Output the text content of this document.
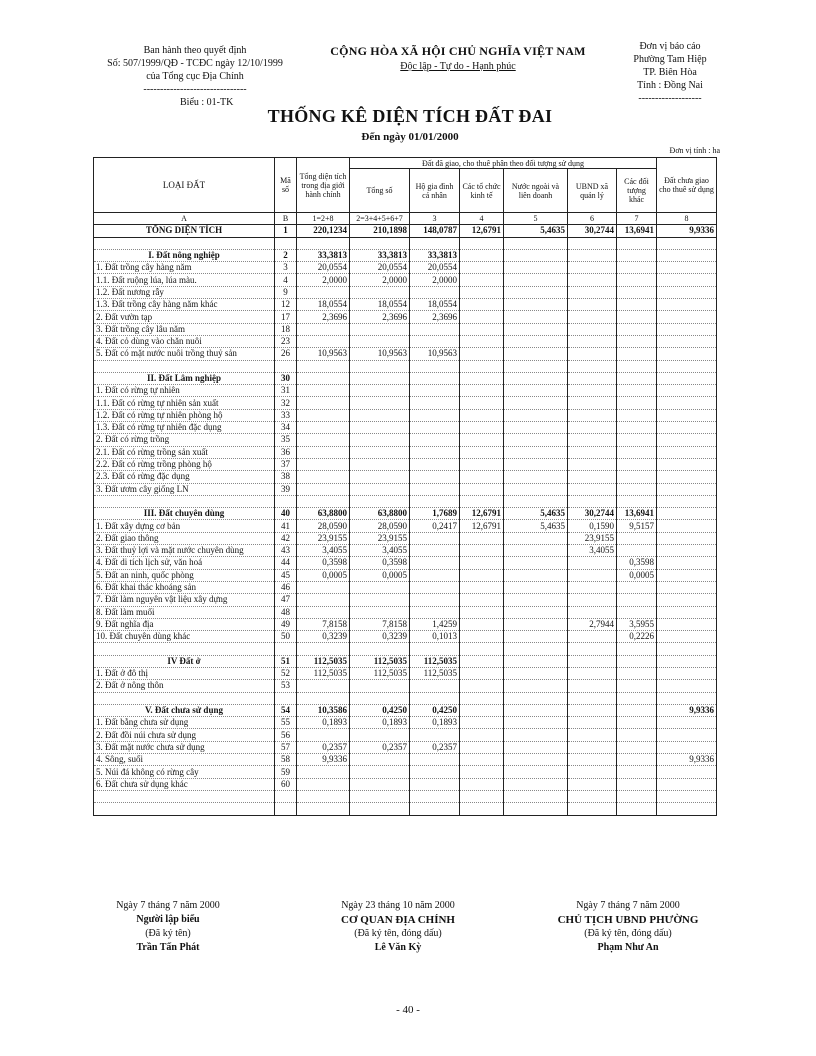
Ban hành theo quyết định
Số: 507/1999/QĐ - TCĐC ngày 12/10/1999
của Tổng cục Địa Chính
-------------------------------
CỘNG HÒA XÃ HỘI CHỦ NGHĨA VIỆT NAM
Độc lập - Tự do - Hạnh phúc
Đơn vị báo cáo
Phường Tam Hiệp
TP. Biên Hòa
Tỉnh : Đồng Nai
-------------------
Biểu : 01-TK
THỐNG KÊ DIỆN TÍCH ĐẤT ĐAI
Đến ngày 01/01/2000
Đơn vị tính : ha
LOẠI ĐẤT	Mã số	Tổng diện tích trong địa giới hành chính	Đất đã giao, cho thuê phân theo đối tượng sử dụng						Đất chưa giao cho thuê sử dụng
			Tổng số	Hộ gia đình cá nhân	Các tổ chức kinh tế	Nước ngoài và liên doanh	UBND xã quản lý	Các đối tượng khác	
A	B	1=2+8	2=3+4+5+6+7	3	4	5	6	7	8
TỔNG DIỆN TÍCH	1	220,1234	210,1898	148,0787	12,6791	5,4635	30,2744	13,6941	9,9336

I. Đất nông nghiệp	2	33,3813	33,3813	33,3813					
1. Đất trồng cây hàng năm	3	20,0554	20,0554	20,0554					
1.1. Đất ruộng lúa, lúa màu.	4	2,0000	2,0000	2,0000					
1.2. Đất nương rẫy	9								
1.3. Đất trồng cây hàng năm khác	12	18,0554	18,0554	18,0554					
2. Đất vườn tạp	17	2,3696	2,3696	2,3696					
3. Đất trồng cây lâu năm	18								
4. Đất cỏ dùng vào chăn nuôi	23								
5. Đất có mặt nước nuôi trồng thuỷ sản	26	10,9563	10,9563	10,9563					

II. Đất Lâm nghiệp	30								
1. Đất có rừng tự nhiên	31								
1.1. Đất có rừng tự nhiên sản xuất	32								
1.2. Đất có rừng tự nhiên phòng hộ	33								
1.3. Đất có rừng tự nhiên đặc dụng	34								
2. Đất có rừng trồng	35								
2.1. Đất có rừng trồng sản xuất	36								
2.2. Đất có rừng trồng phòng hộ	37								
2.3. Đất có rừng đặc dụng	38								
3. Đất ươm cây giống LN	39								

III. Đất chuyên dùng	40	63,8800	63,8800	1,7689	12,6791	5,4635	30,2744	13,6941	
1. Đất xây dựng cơ bản	41	28,0590	28,0590	0,2417	12,6791	5,4635	0,1590	9,5157	
2. Đất giao thông	42	23,9155	23,9155				23,9155		
3. Đất thuỷ lợi và mặt nước chuyên dùng	43	3,4055	3,4055				3,4055		
4. Đất di tích lịch sử, văn hoá	44	0,3598	0,3598					0,3598	
5. Đất an ninh, quốc phòng	45	0,0005	0,0005					0,0005	
6. Đất khai thác khoáng sản	46								
7. Đất làm nguyên vật liệu xây dựng	47								
8. Đất làm muối	48								
9. Đất nghĩa địa	49	7,8158	7,8158	1,4259			2,7944	3,5955	
10. Đất chuyên dùng khác	50	0,3239	0,3239	0,1013				0,2226	

IV Đất ở	51	112,5035	112,5035	112,5035					
1. Đất ở đô thị	52	112,5035	112,5035	112,5035					
2. Đất ở nông thôn	53								

V. Đất chưa sử dụng	54	10,3586	0,4250	0,4250					9,9336
1. Đất bằng chưa sử dụng	55	0,1893	0,1893	0,1893					
2. Đất đồi núi chưa sử dụng	56								
3. Đất mặt nước chưa sử dụng	57	0,2357	0,2357	0,2357					
4. Sông, suối	58	9,9336							9,9336
5. Núi đá không có rừng cây	59								
6. Đất chưa sử dụng khác	60								

Ngày 7 tháng 7 năm 2000
Người lập biểu
(Đã ký tên)
Trần Tấn Phát
Ngày 23 tháng 10 năm 2000
CƠ QUAN ĐỊA CHÍNH
(Đã ký tên, đóng dấu)
Lê Văn Kỳ
Ngày 7 tháng 7 năm 2000
CHỦ TỊCH UBND PHƯỜNG
(Đã ký tên, đóng dấu)
Phạm Như An
- 40 -
